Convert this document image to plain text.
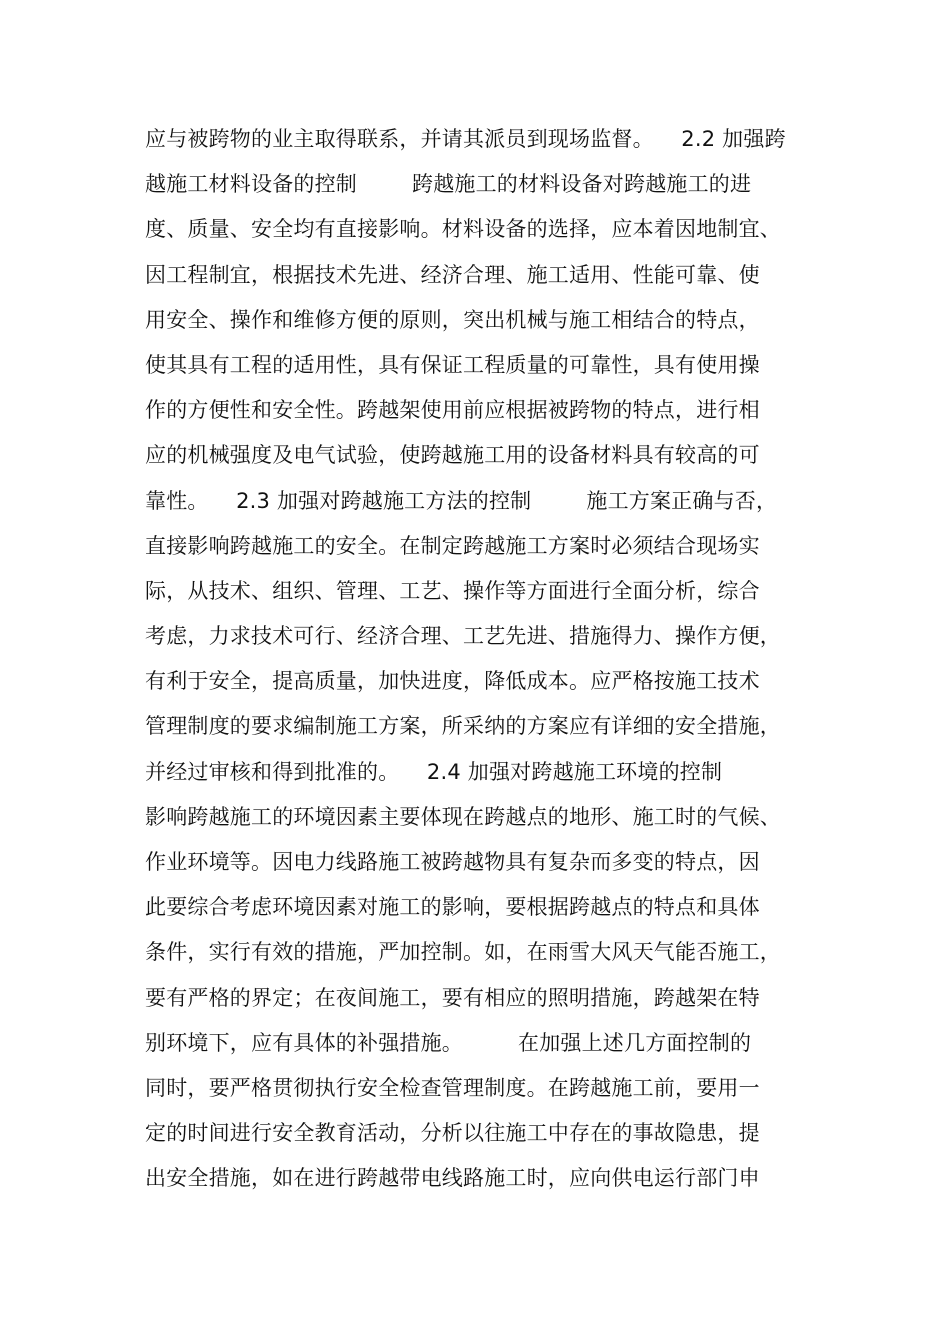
应与被跨物的业主取得联系，并请其派员到现场监督。    2.2 加强跨
越施工材料设备的控制        跨越施工的材料设备对跨越施工的进
度、质量、安全均有直接影响。材料设备的选择，应本着因地制宜、
因工程制宜，根据技术先进、经济合理、施工适用、性能可靠、使
用安全、操作和维修方便的原则，突出机械与施工相结合的特点，
使其具有工程的适用性，具有保证工程质量的可靠性，具有使用操
作的方便性和安全性。跨越架使用前应根据被跨物的特点，进行相
应的机械强度及电气试验，使跨越施工用的设备材料具有较高的可
靠性。    2.3 加强对跨越施工方法的控制        施工方案正确与否，
直接影响跨越施工的安全。在制定跨越施工方案时必须结合现场实
际，从技术、组织、管理、工艺、操作等方面进行全面分析，综合
考虑，力求技术可行、经济合理、工艺先进、措施得力、操作方便，
有利于安全，提高质量，加快进度，降低成本。应严格按施工技术
管理制度的要求编制施工方案，所采纳的方案应有详细的安全措施，
并经过审核和得到批准的。    2.4 加强对跨越施工环境的控制
影响跨越施工的环境因素主要体现在跨越点的地形、施工时的气候、
作业环境等。因电力线路施工被跨越物具有复杂而多变的特点，因
此要综合考虑环境因素对施工的影响，要根据跨越点的特点和具体
条件，实行有效的措施，严加控制。如，在雨雪大风天气能否施工，
要有严格的界定；在夜间施工，要有相应的照明措施，跨越架在特
别环境下，应有具体的补强措施。        在加强上述几方面控制的
同时，要严格贯彻执行安全检查管理制度。在跨越施工前，要用一
定的时间进行安全教育活动，分析以往施工中存在的事故隐患，提
出安全措施，如在进行跨越带电线路施工时，应向供电运行部门申
